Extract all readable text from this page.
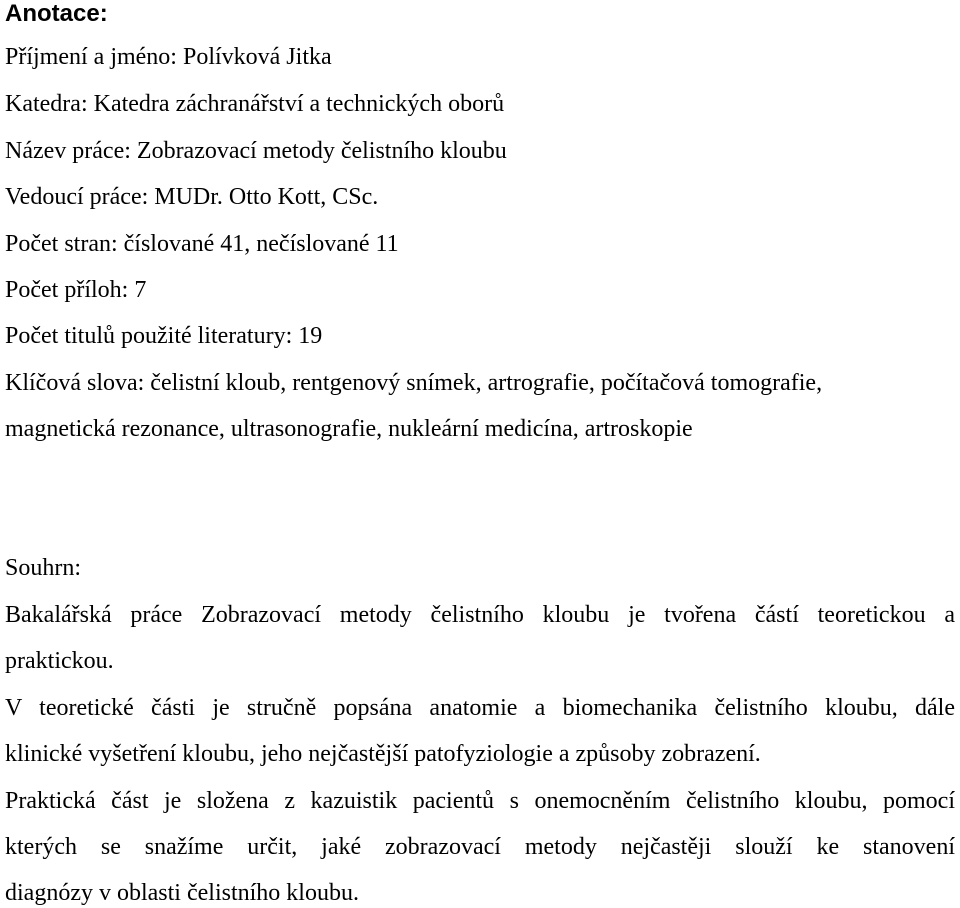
Anotace:
Příjmení a jméno: Polívková Jitka
Katedra: Katedra záchranářství a technických oborů
Název práce: Zobrazovací metody čelistního kloubu
Vedoucí práce: MUDr. Otto Kott, CSc.
Počet stran: číslované 41, nečíslované 11
Počet příloh: 7
Počet titulů použité literatury: 19
Klíčová slova: čelistní kloub, rentgenový snímek, artrografie, počítačová tomografie,
magnetická rezonance, ultrasonografie, nukleární medicína, artroskopie
Souhrn:
Bakalářská práce Zobrazovací metody čelistního kloubu je tvořena částí teoretickou a
praktickou.
V teoretické části je stručně popsána anatomie a biomechanika čelistního kloubu, dále
klinické vyšetření kloubu, jeho nejčastější patofyziologie a způsoby zobrazení.
Praktická část je složena z kazuistik pacientů s onemocněním čelistního kloubu, pomocí
kterých se snažíme určit, jaké zobrazovací metody nejčastěji slouží ke stanovení
diagnózy v oblasti čelistního kloubu.
